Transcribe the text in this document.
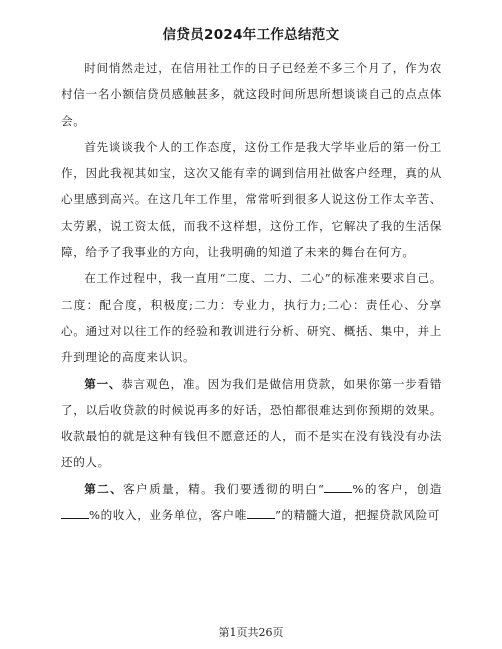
信贷员2024年工作总结范文

时间悄然走过，在信用社工作的日子已经差不多三个月了，作为农村信一名小额信贷员感触甚多，就这段时间所思所想谈谈自己的点点体会。

首先谈谈我个人的工作态度，这份工作是我大学毕业后的第一份工作，因此我视其如宝，这次又能有幸的调到信用社做客户经理，真的从心里感到高兴。在这几年工作里，常常听到很多人说这份工作太辛苦、太劳累，说工资太低，而我不这样想，这份工作，它解决了我的生活保障，给予了我事业的方向，让我明确的知道了未来的舞台在何方。

在工作过程中，我一直用“二度、二力、二心”的标准来要求自己。二度：配合度，积极度;二力：专业力，执行力;二心：责任心、分享心。通过对以往工作的经验和教训进行分析、研究、概括、集中，并上升到理论的高度来认识。

第一、恭言观色，准。因为我们是做信用贷款，如果你第一步看错了，以后收贷款的时候说再多的好话，恐怕都很难达到你预期的效果。收款最怕的就是这种有钱但不愿意还的人，而不是实在没有钱没有办法还的人。

第二、客户质量，精。我们要透彻的明白“ %的客户，创造%的收入，业务单位，客户唯 ”的精髓大道，把握贷款风险可

第1页共26页
